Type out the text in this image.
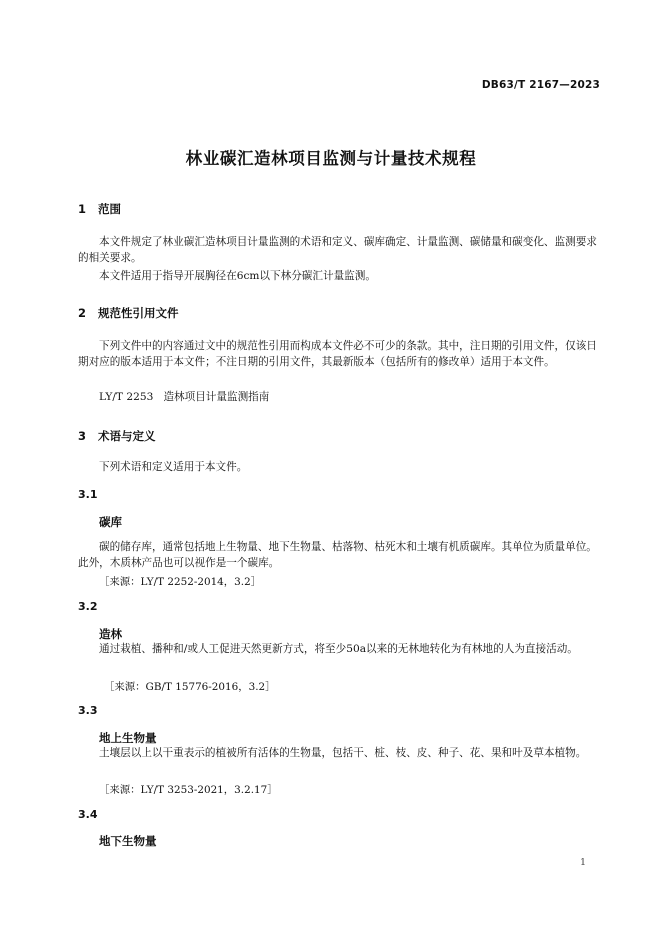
DB63/T 2167—2023
林业碳汇造林项目监测与计量技术规程
1 范围
本文件规定了林业碳汇造林项目计量监测的术语和定义、碳库确定、计量监测、碳储量和碳变化、监测要求的相关要求。
本文件适用于指导开展胸径在6cm以下林分碳汇计量监测。
2 规范性引用文件
下列文件中的内容通过文中的规范性引用而构成本文件必不可少的条款。其中，注日期的引用文件，仅该日期对应的版本适用于本文件；不注日期的引用文件，其最新版本（包括所有的修改单）适用于本文件。
LY/T 2253 造林项目计量监测指南
3 术语与定义
下列术语和定义适用于本文件。
3.1
碳库
碳的储存库，通常包括地上生物量、地下生物量、枯落物、枯死木和土壤有机质碳库。其单位为质量单位。此外，木质林产品也可以视作是一个碳库。
［来源：LY/T 2252-2014，3.2］
3.2
造林
通过栽植、播种和/或人工促进天然更新方式，将至少50a以来的无林地转化为有林地的人为直接活动。
［来源：GB/T 15776-2016，3.2］
3.3
地上生物量
土壤层以上以干重表示的植被所有活体的生物量，包括干、桩、枝、皮、种子、花、果和叶及草本植物。
［来源：LY/T 3253-2021，3.2.17］
3.4
地下生物量
1
